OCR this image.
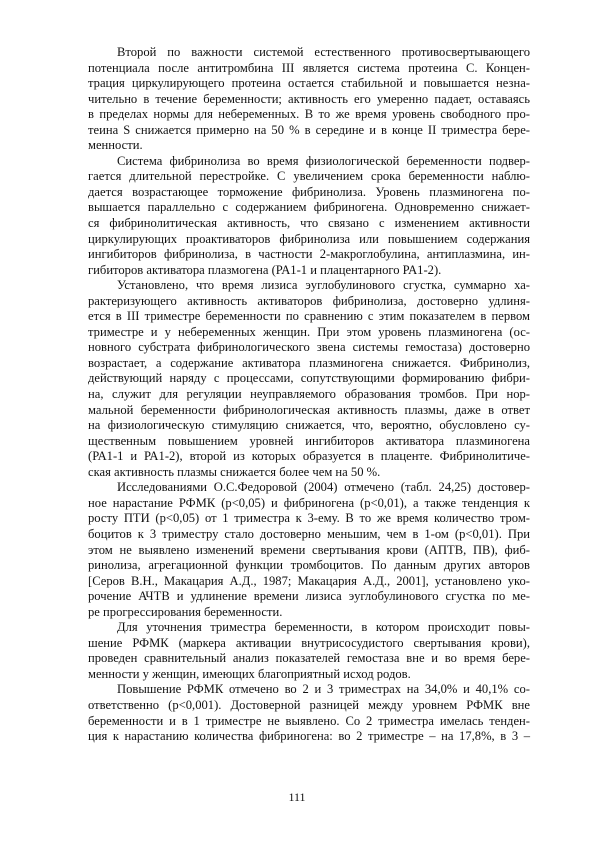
Второй по важности системой естественного противосвертывающего
потенциала после антитромбина III является система протеина С. Концен-
трация циркулирующего протеина остается стабильной и повышается незна-
чительно в течение беременности; активность его умеренно падает, оставаясь
в пределах нормы для небеременных. В то же время уровень свободного про-
теина S снижается примерно на 50 % в середине и в конце II триместра бере-
менности.
Система фибринолиза во время физиологической беременности подвер-
гается длительной перестройке. С увеличением срока беременности наблю-
дается возрастающее торможение фибринолиза. Уровень плазминогена по-
вышается параллельно с содержанием фибриногена. Одновременно снижает-
ся фибринолитическая активность, что связано с изменением активности
циркулирующих проактиваторов фибринолиза или повышением содержания
ингибиторов фибринолиза, в частности 2-макроглобулина, антиплазмина, ин-
гибиторов активатора плазмогена (РА1-1 и плацентарного РА1-2).
Установлено, что время лизиса эуглобулинового сгустка, суммарно ха-
рактеризующего активность активаторов фибринолиза, достоверно удлиня-
ется в III триместре беременности по сравнению с этим показателем в первом
триместре и у небеременных женщин. При этом уровень плазминогена (ос-
новного субстрата фибринологического звена системы гемостаза) достоверно
возрастает, а содержание активатора плазминогена снижается. Фибринолиз,
действующий наряду с процессами, сопутствующими формированию фибри-
на, служит для регуляции неуправляемого образования тромбов. При нор-
мальной беременности фибринологическая активность плазмы, даже в ответ
на физиологическую стимуляцию снижается, что, вероятно, обусловлено су-
щественным повышением уровней ингибиторов активатора плазминогена
(РА1-1 и РА1-2), второй из которых образуется в плаценте. Фибринолитиче-
ская активность плазмы снижается более чем на 50 %.
Исследованиями О.С.Федоровой (2004) отмечено (табл. 24,25) достовер-
ное нарастание РФМК (p<0,05) и фибриногена (p<0,01), а также тенденция к
росту ПТИ (p<0,05) от 1 триместра к 3-ему. В то же время количество тром-
боцитов к 3 триместру стало достоверно меньшим, чем в 1-ом (p<0,01). При
этом не выявлено изменений времени свертывания крови (АПТВ, ПВ), фиб-
ринолиза, агрегационной функции тромбоцитов. По данным других авторов
[Серов В.Н., Макацария А.Д., 1987; Макацария А.Д., 2001], установлено уко-
рочение АЧТВ и удлинение времени лизиса эуглобулинового сгустка по ме-
ре прогрессирования беременности.
Для уточнения триместра беременности, в котором происходит повы-
шение РФМК (маркера активации внутрисосудистого свертывания крови),
проведен сравнительный анализ показателей гемостаза вне и во время бере-
менности у женщин, имеющих благоприятный исход родов.
Повышение РФМК отмечено во 2 и 3 триместрах на 34,0% и 40,1% со-
ответственно (p<0,001). Достоверной разницей между уровнем РФМК вне
беременности и в 1 триместре не выявлено. Со 2 триместра имелась тенден-
ция к нарастанию количества фибриногена: во 2 триместре – на 17,8%, в 3 –
111
